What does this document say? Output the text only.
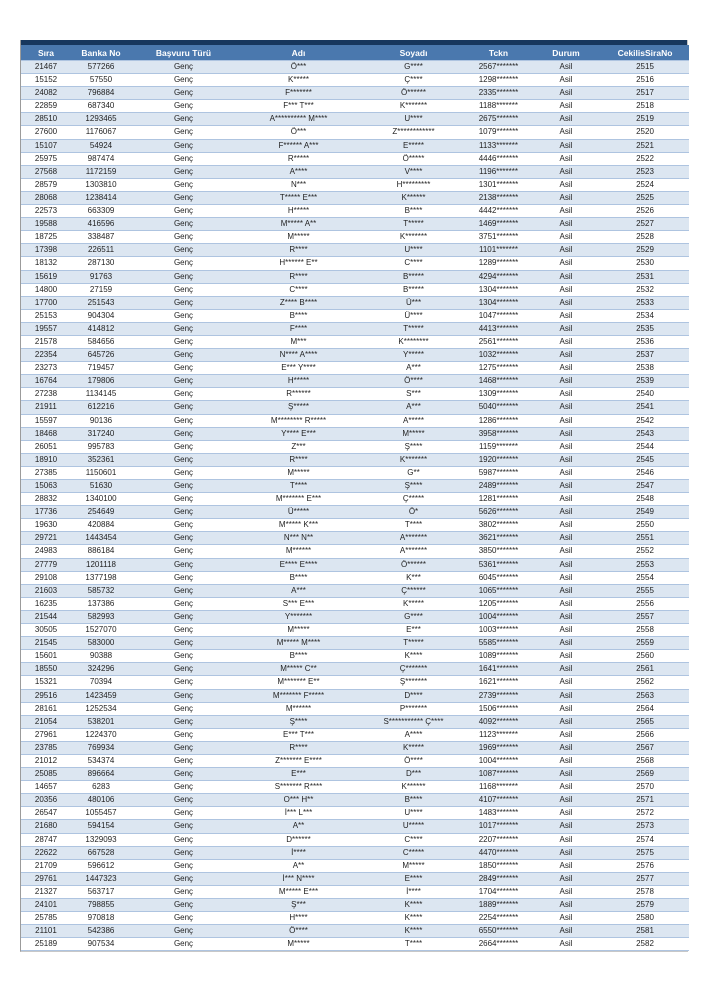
Sıra	Banka No	Başvuru Türü	Adı	Soyadı	Tckn	Durum	CekilisSiraNo
21467	577266	Genç	Ö***	G****	2567*******	Asil	2515
15152	57550	Genç	K*****	Ç****	1298*******	Asil	2516
24082	796884	Genç	F*******	Ö******	2335*******	Asil	2517
22859	687340	Genç	F*** T***	K*******	1188*******	Asil	2518
28510	1293465	Genç	A********** M****	U****	2675*******	Asil	2519
27600	1176067	Genç	Ö***	Z************	1079*******	Asil	2520
15107	54924	Genç	F****** A***	E*****	1133*******	Asil	2521
25975	987474	Genç	R*****	Ö*****	4446*******	Asil	2522
27568	1172159	Genç	A****	V****	1196*******	Asil	2523
28579	1303810	Genç	N***	H*********	1301*******	Asil	2524
28068	1238414	Genç	T***** E***	K******	2138*******	Asil	2525
22573	663309	Genç	H*****	B****	4442*******	Asil	2526
19588	416596	Genç	M***** A**	T*****	1469*******	Asil	2527
18725	338487	Genç	M*****	K*******	3751*******	Asil	2528
17398	226511	Genç	R****	U****	1101*******	Asil	2529
18132	287130	Genç	H****** E**	C****	1289*******	Asil	2530
15619	91763	Genç	R****	B*****	4294*******	Asil	2531
14800	27159	Genç	C****	B*****	1304*******	Asil	2532
17700	251543	Genç	Z**** B****	Ü***	1304*******	Asil	2533
25153	904304	Genç	B****	Ü****	1047*******	Asil	2534
19557	414812	Genç	F****	T*****	4413*******	Asil	2535
21578	584656	Genç	M***	K********	2561*******	Asil	2536
22354	645726	Genç	N**** A****	Y*****	1032*******	Asil	2537
23273	719457	Genç	E*** Y****	A***	1275*******	Asil	2538
16764	179806	Genç	H*****	Ö****	1468*******	Asil	2539
27238	1134145	Genç	R******	S***	1309*******	Asil	2540
21911	612216	Genç	Ş*****	A***	5040*******	Asil	2541
15597	90136	Genç	M******** R*****	A*****	1286*******	Asil	2542
18468	317240	Genç	Y**** E***	M*****	3958*******	Asil	2543
26051	995783	Genç	Z***	Ş****	1159*******	Asil	2544
18910	352361	Genç	R****	K*******	1920*******	Asil	2545
27385	1150601	Genç	M*****	G**	5987*******	Asil	2546
15063	51630	Genç	T****	Ş****	2489*******	Asil	2547
28832	1340100	Genç	M******* E***	Ç*****	1281*******	Asil	2548
17736	254649	Genç	Ü*****	Ö*	5626*******	Asil	2549
19630	420884	Genç	M***** K***	T****	3802*******	Asil	2550
29721	1443454	Genç	N*** N**	A*******	3621*******	Asil	2551
24983	886184	Genç	M******	A*******	3850*******	Asil	2552
27779	1201118	Genç	E**** E****	Ö******	5361*******	Asil	2553
29108	1377198	Genç	B****	K***	6045*******	Asil	2554
21603	585732	Genç	A***	Ç******	1065*******	Asil	2555
16235	137386	Genç	S*** E***	K*****	1205*******	Asil	2556
21544	582993	Genç	Y*******	G****	1004*******	Asil	2557
30505	1527070	Genç	M*****	E***	1003*******	Asil	2558
21545	583000	Genç	M***** M****	T*****	5585*******	Asil	2559
15601	90388	Genç	B****	K****	1089*******	Asil	2560
18550	324296	Genç	M***** C**	Ç*******	1641*******	Asil	2561
15321	70394	Genç	M******* E**	Ş*******	1621*******	Asil	2562
29516	1423459	Genç	M******* F*****	D****	2739*******	Asil	2563
28161	1252534	Genç	M******	P*******	1506*******	Asil	2564
21054	538201	Genç	Ş****	S*********** Ç****	4092*******	Asil	2565
27961	1224370	Genç	E*** T***	A****	1123*******	Asil	2566
23785	769934	Genç	R****	K*****	1969*******	Asil	2567
21012	534374	Genç	Z******* E****	Ö****	1004*******	Asil	2568
25085	896664	Genç	E***	D***	1087*******	Asil	2569
14657	6283	Genç	S******* R****	K******	1168*******	Asil	2570
20356	480106	Genç	O*** H**	B****	4107*******	Asil	2571
26547	1055457	Genç	İ*** L***	U****	1483*******	Asil	2572
21680	594154	Genç	A**	U*****	1017*******	Asil	2573
28747	1329093	Genç	D******	C****	2207*******	Asil	2574
22622	667528	Genç	İ****	C*****	4470*******	Asil	2575
21709	596612	Genç	A**	M*****	1850*******	Asil	2576
29761	1447323	Genç	İ*** N****	E****	2849*******	Asil	2577
21327	563717	Genç	M***** E***	İ****	1704*******	Asil	2578
24101	798855	Genç	Ş***	K****	1889*******	Asil	2579
25785	970818	Genç	H****	K****	2254*******	Asil	2580
21101	542386	Genç	Ö****	K****	6550*******	Asil	2581
25189	907534	Genç	M*****	T****	2664*******	Asil	2582
